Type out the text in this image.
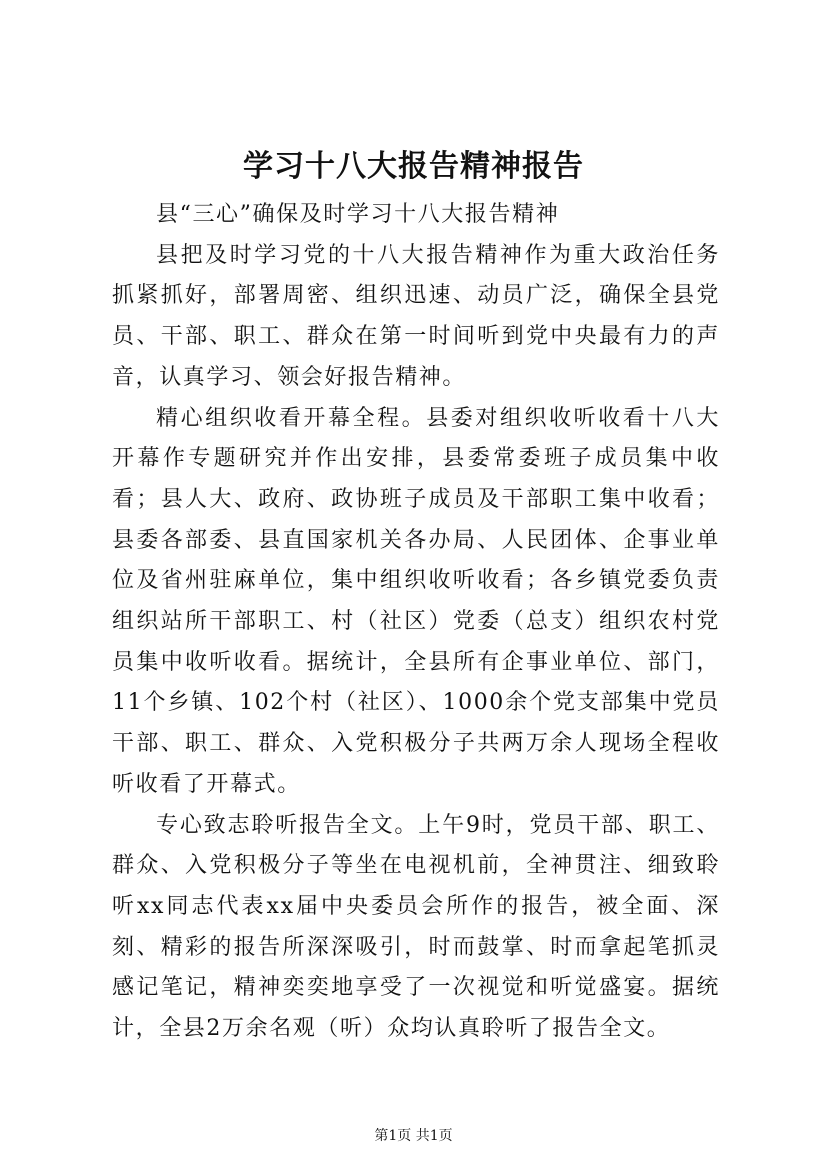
学习十八大报告精神报告

县“三心”确保及时学习十八大报告精神

县把及时学习党的十八大报告精神作为重大政治任务抓紧抓好，部署周密、组织迅速、动员广泛，确保全县党员、干部、职工、群众在第一时间听到党中央最有力的声音，认真学习、领会好报告精神。

精心组织收看开幕全程。县委对组织收听收看十八大开幕作专题研究并作出安排，县委常委班子成员集中收看；县人大、政府、政协班子成员及干部职工集中收看；县委各部委、县直国家机关各办局、人民团体、企事业单位及省州驻麻单位，集中组织收听收看；各乡镇党委负责组织站所干部职工、村（社区）党委（总支）组织农村党员集中收听收看。据统计，全县所有企事业单位、部门，11个乡镇、102个村（社区）、1000余个党支部集中党员干部、职工、群众、入党积极分子共两万余人现场全程收听收看了开幕式。

专心致志聆听报告全文。上午9时，党员干部、职工、群众、入党积极分子等坐在电视机前，全神贯注、细致聆听xx同志代表xx届中央委员会所作的报告，被全面、深刻、精彩的报告所深深吸引，时而鼓掌、时而拿起笔抓灵感记笔记，精神奕奕地享受了一次视觉和听觉盛宴。据统计，全县2万余名观（听）众均认真聆听了报告全文。

第1页 共1页
